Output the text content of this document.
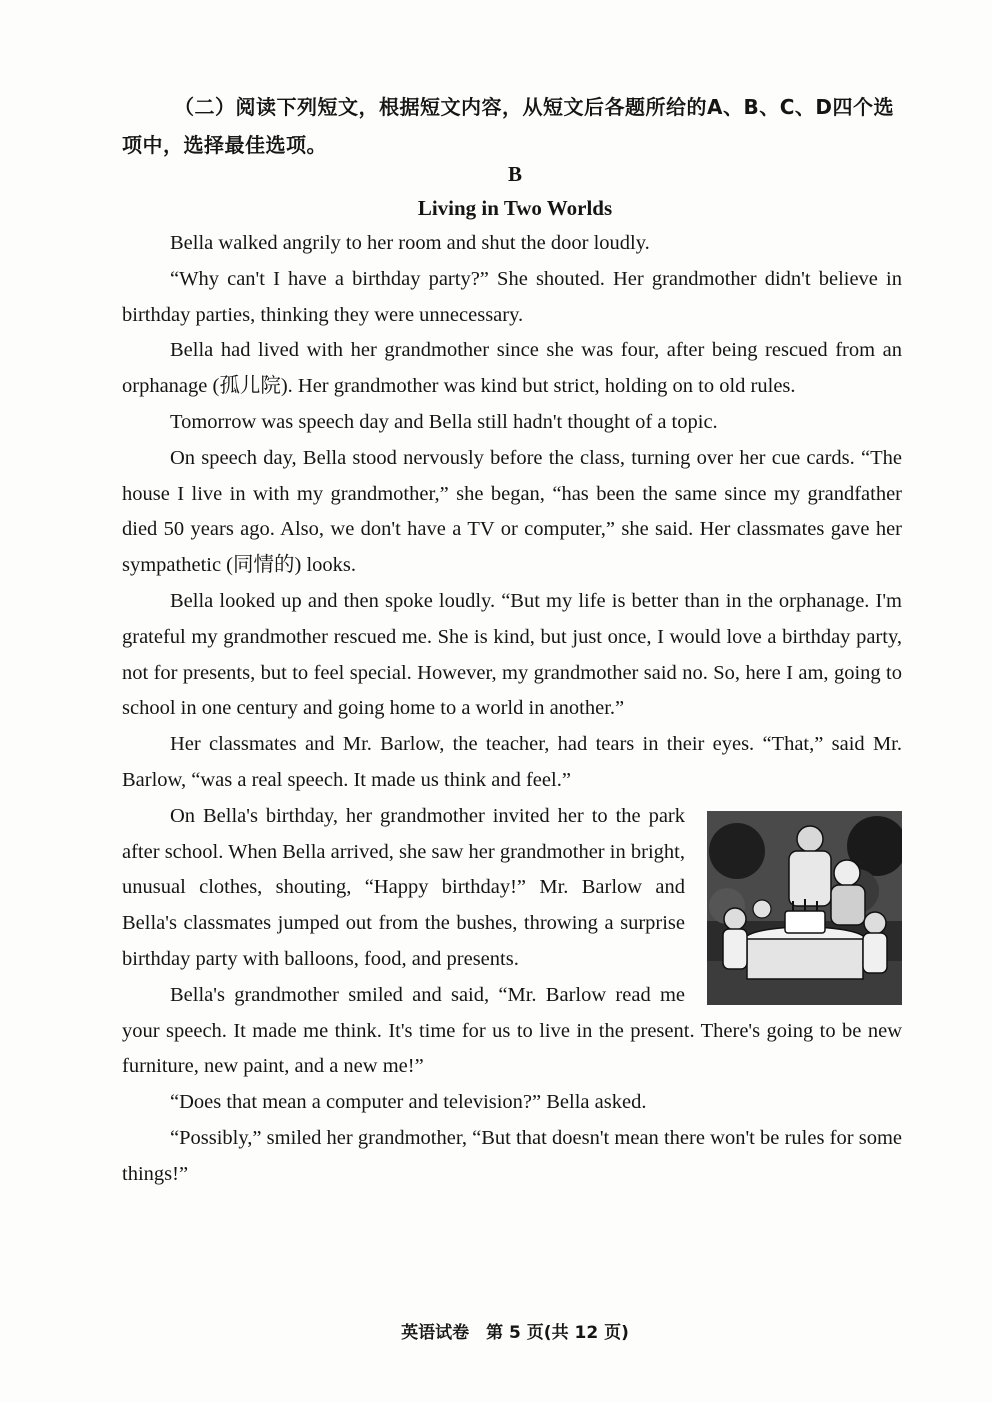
（二）阅读下列短文，根据短文内容，从短文后各题所给的A、B、C、D四个选项中，选择最佳选项。

B

Living in Two Worlds

Bella walked angrily to her room and shut the door loudly.

“Why can't I have a birthday party?” She shouted. Her grandmother didn't believe in birthday parties, thinking they were unnecessary.

Bella had lived with her grandmother since she was four, after being rescued from an orphanage (孤儿院). Her grandmother was kind but strict, holding on to old rules.

Tomorrow was speech day and Bella still hadn't thought of a topic.

On speech day, Bella stood nervously before the class, turning over her cue cards. “The house I live in with my grandmother,” she began, “has been the same since my grandfather died 50 years ago. Also, we don't have a TV or computer,” she said. Her classmates gave her sympathetic (同情的) looks.

Bella looked up and then spoke loudly. “But my life is better than in the orphanage. I'm grateful my grandmother rescued me. She is kind, but just once, I would love a birthday party, not for presents, but to feel special. However, my grandmother said no. So, here I am, going to school in one century and going home to a world in another.”

Her classmates and Mr. Barlow, the teacher, had tears in their eyes. “That,” said Mr. Barlow, “was a real speech. It made us think and feel.”

On Bella's birthday, her grandmother invited her to the park after school. When Bella arrived, she saw her grandmother in bright, unusual clothes, shouting, “Happy birthday!” Mr. Barlow and Bella's classmates jumped out from the bushes, throwing a surprise birthday party with balloons, food, and presents.

Bella's grandmother smiled and said, “Mr. Barlow read me your speech. It made me think. It's time for us to live in the present. There's going to be new furniture, new paint, and a new me!”

“Does that mean a computer and television?” Bella asked.

“Possibly,” smiled her grandmother, “But that doesn't mean there won't be rules for some things!”

英语试卷　第 5 页(共 12 页)
